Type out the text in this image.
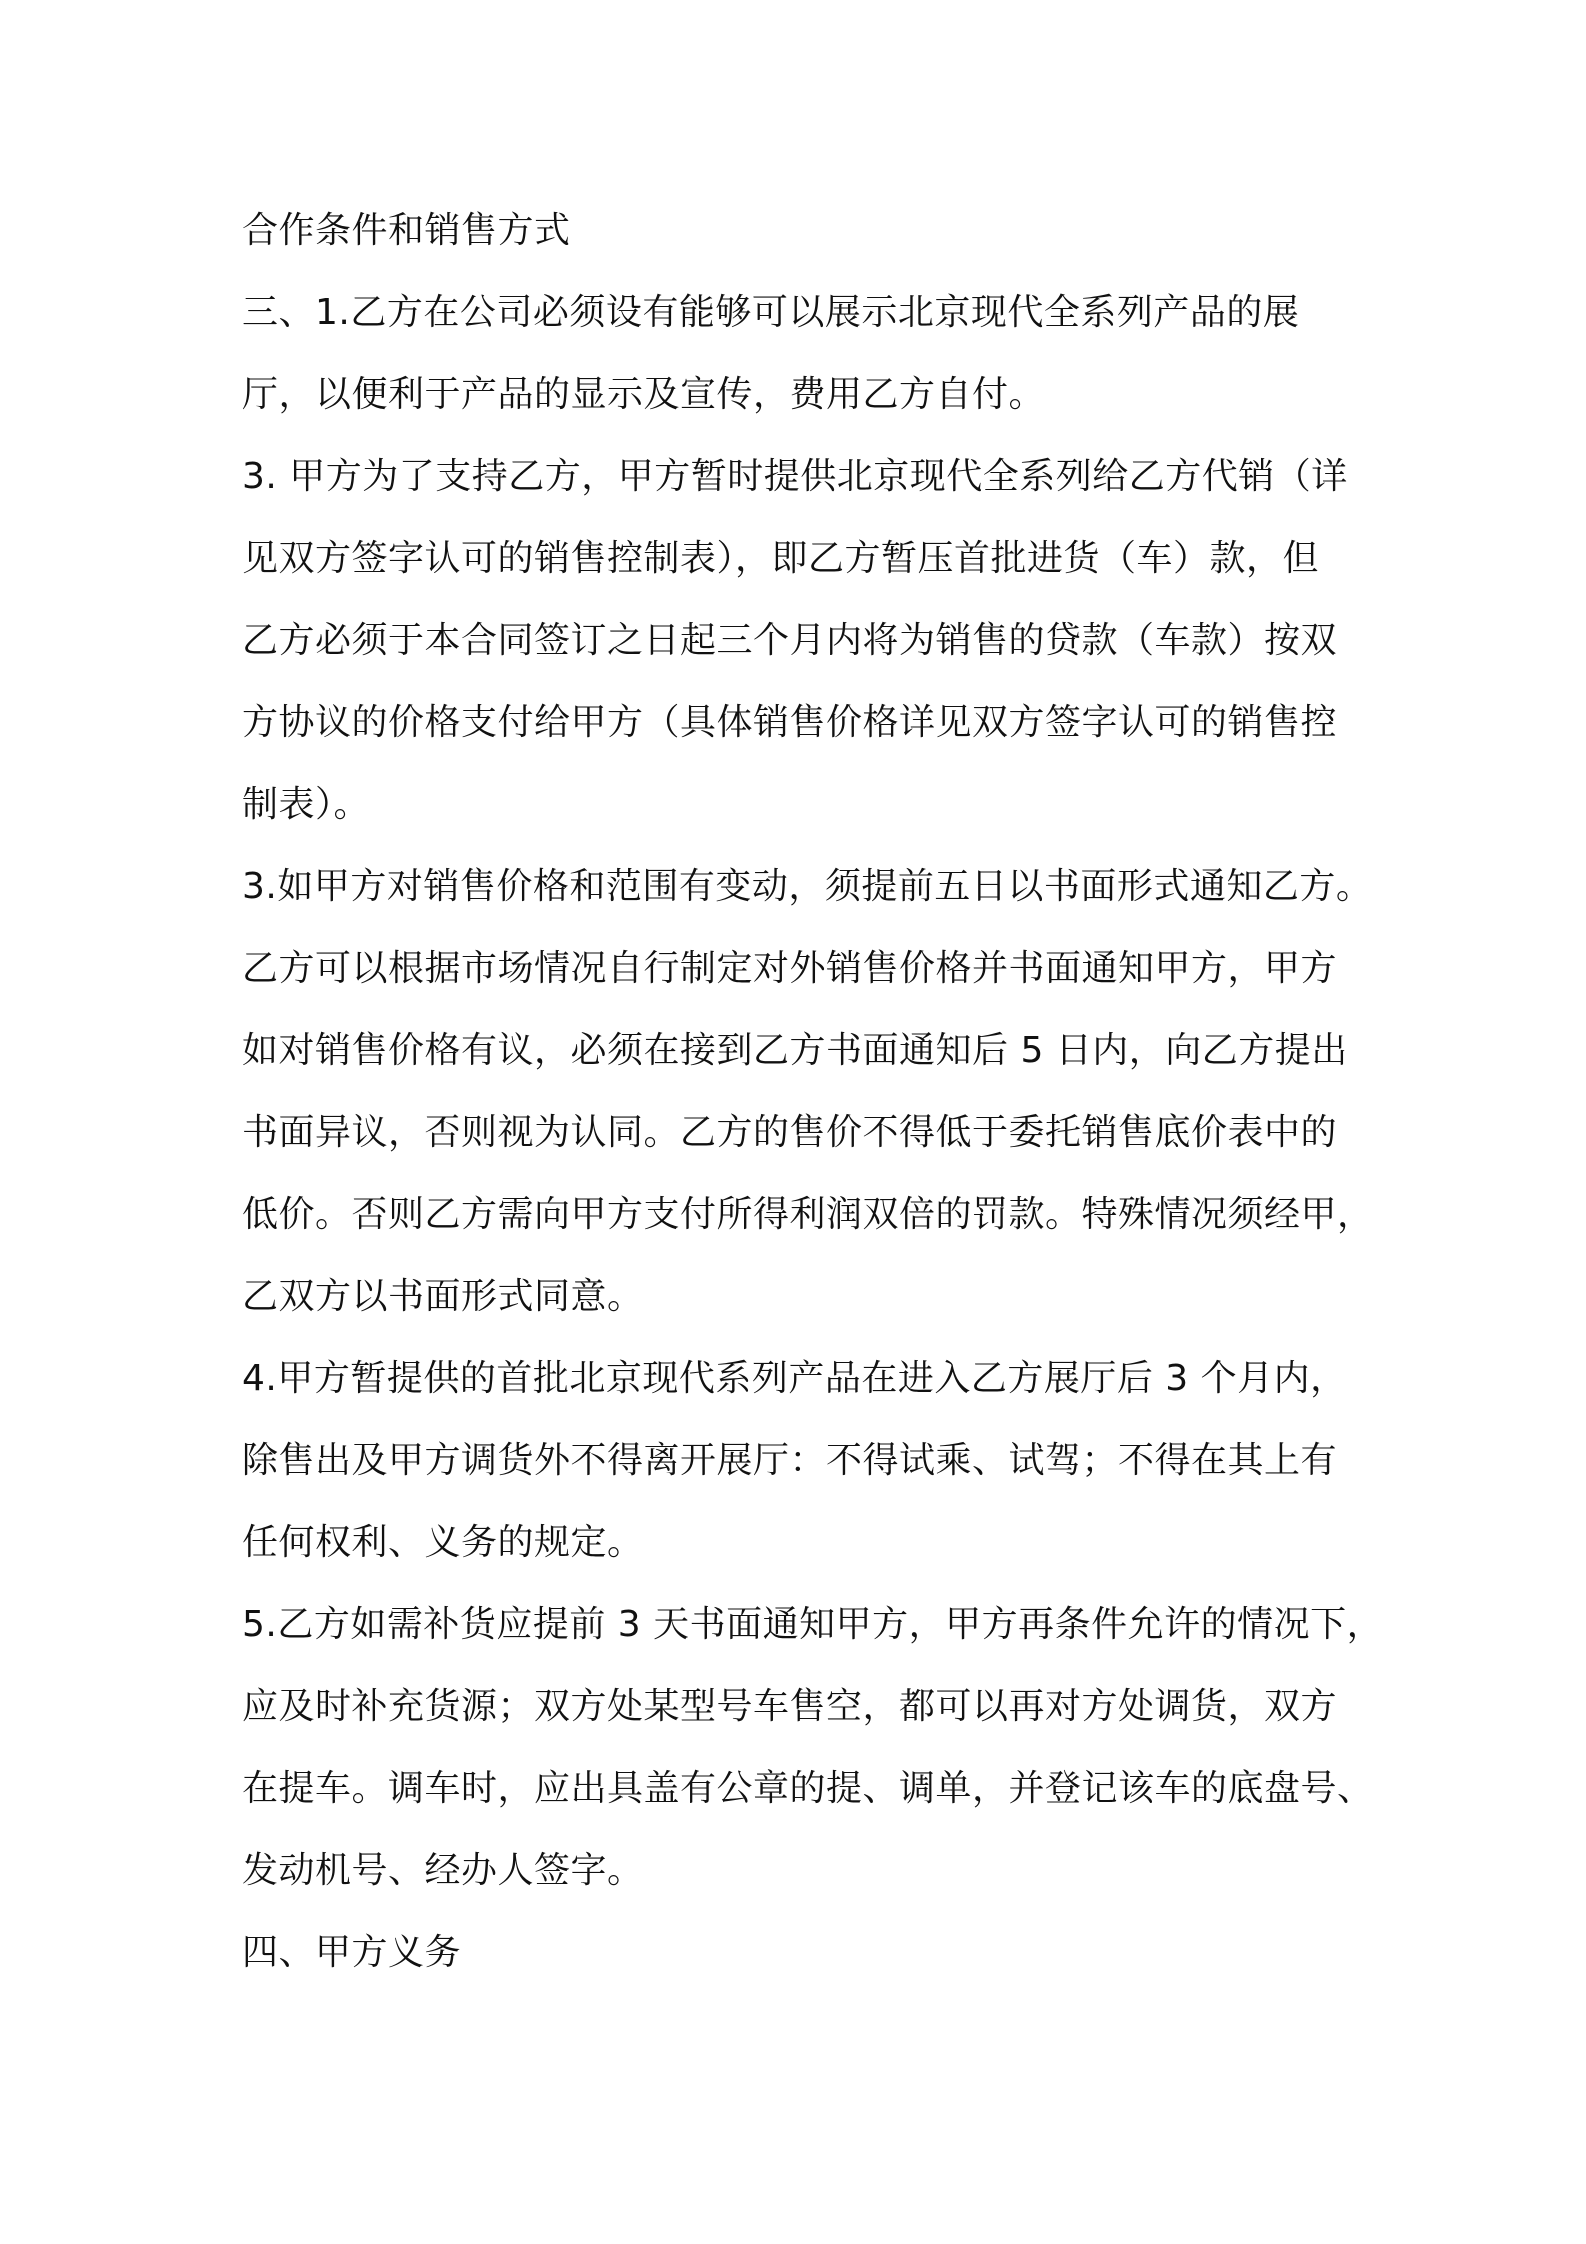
合作条件和销售方式
三、1.乙方在公司必须设有能够可以展示北京现代全系列产品的展
厅，以便利于产品的显示及宣传，费用乙方自付。
3. 甲方为了支持乙方，甲方暂时提供北京现代全系列给乙方代销（详
见双方签字认可的销售控制表），即乙方暂压首批进货（车）款，但
乙方必须于本合同签订之日起三个月内将为销售的贷款（车款）按双
方协议的价格支付给甲方（具体销售价格详见双方签字认可的销售控
制表）。
3.如甲方对销售价格和范围有变动，须提前五日以书面形式通知乙方。
乙方可以根据市场情况自行制定对外销售价格并书面通知甲方，甲方
如对销售价格有议，必须在接到乙方书面通知后 5 日内，向乙方提出
书面异议，否则视为认同。乙方的售价不得低于委托销售底价表中的
低价。否则乙方需向甲方支付所得利润双倍的罚款。特殊情况须经甲，
乙双方以书面形式同意。
4.甲方暂提供的首批北京现代系列产品在进入乙方展厅后 3 个月内，
除售出及甲方调货外不得离开展厅：不得试乘、试驾；不得在其上有
任何权利、义务的规定。
5.乙方如需补货应提前 3 天书面通知甲方，甲方再条件允许的情况下，
应及时补充货源；双方处某型号车售空，都可以再对方处调货，双方
在提车。调车时，应出具盖有公章的提、调单，并登记该车的底盘号、
发动机号、经办人签字。
四、甲方义务
